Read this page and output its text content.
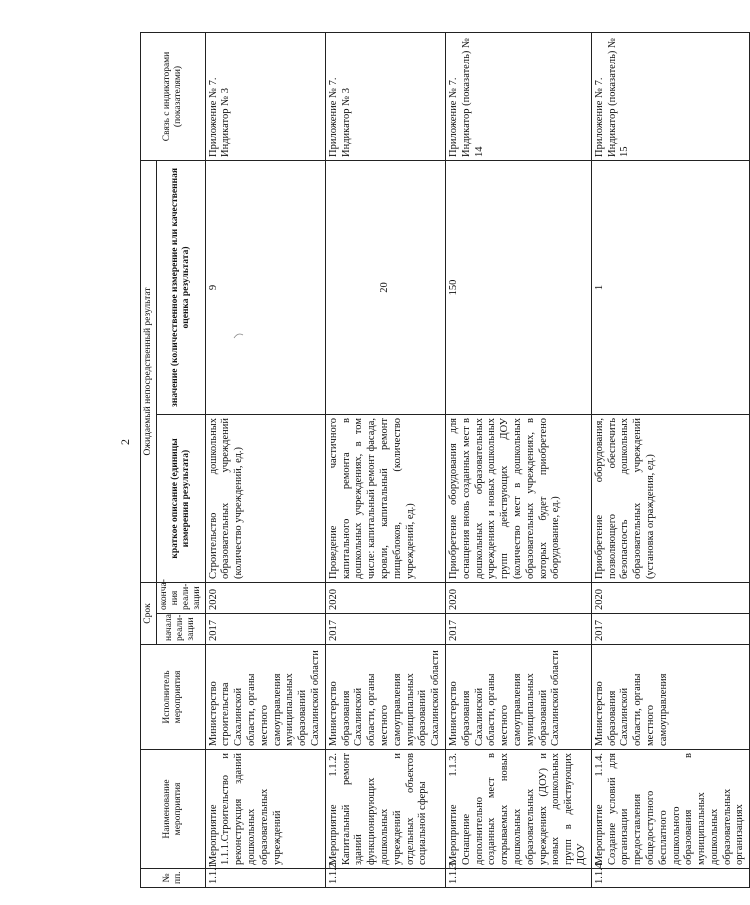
2
№ пп.	Наименование мероприятия	Исполнитель мероприятия	Срок		Ожидаемый непосредственный результат		Связь с индикаторами (показателями)
			начала реали-зации	оконча-ния реали-зации	краткое описание (единицы измерения результата)	значение (количественное измерение или качественная оценка результата)	
1.1.1	Мероприятие 1.1.1.Строительство и реконструкция зданий дошкольных образовательных учреждений	Министерство строительства Сахалинской области, органы местного самоуправления муниципальных образований Сахалинской области	2017	2020	Строительство дошкольных образовательных учреждений (количество учреждений, ед.)	9	Приложение № 7. Индикатор № 3
1.1.2.	Мероприятие 1.1.2. Капитальный ремонт зданий функционирующих дошкольных учреждений и отдельных объектов социальной сферы	Министерство образования Сахалинской области, органы местного самоуправления муниципальных образований Сахалинской области	2017	2020	Проведение частичного капитального ремонта в дошкольных учреждениях, в том числе: капитальный ремонт фасада, кровли, капитальный ремонт пищеблоков, (количество учреждений, ед.)	20	Приложение № 7. Индикатор № 3
1.1.3.	Мероприятие 1.1.3. Оснащение дополнительно созданных мест в открываемых новых дошкольных образовательных учреждениях (ДОУ) и новых дошкольных групп в действующих ДОУ	Министерство образования Сахалинской области, органы местного самоуправления муниципальных образований Сахалинской области	2017	2020	Приобретение оборудования для оснащения вновь созданных мест в дошкольных образовательных учреждениях и новых дошкольных групп действующих ДОУ (количество мест в дошкольных образовательных учреждениях, в которых будет приобретено оборудование, ед.)	150	Приложение № 7. Индикатор (показатель) № 14
1.1.4.	Мероприятие 1.1.4. Создание условий для организации предоставления общедоступного бесплатного дошкольного образования в муниципальных дошкольных образовательных организациях	Министерство образования Сахалинской области, органы местного самоуправления	2017	2020	Приобретение оборудования, позволяющего обеспечить безопасность дошкольных образовательных учреждений (установка ограждения, ед.)	1	Приложение № 7. Индикатор (показатель) № 15
